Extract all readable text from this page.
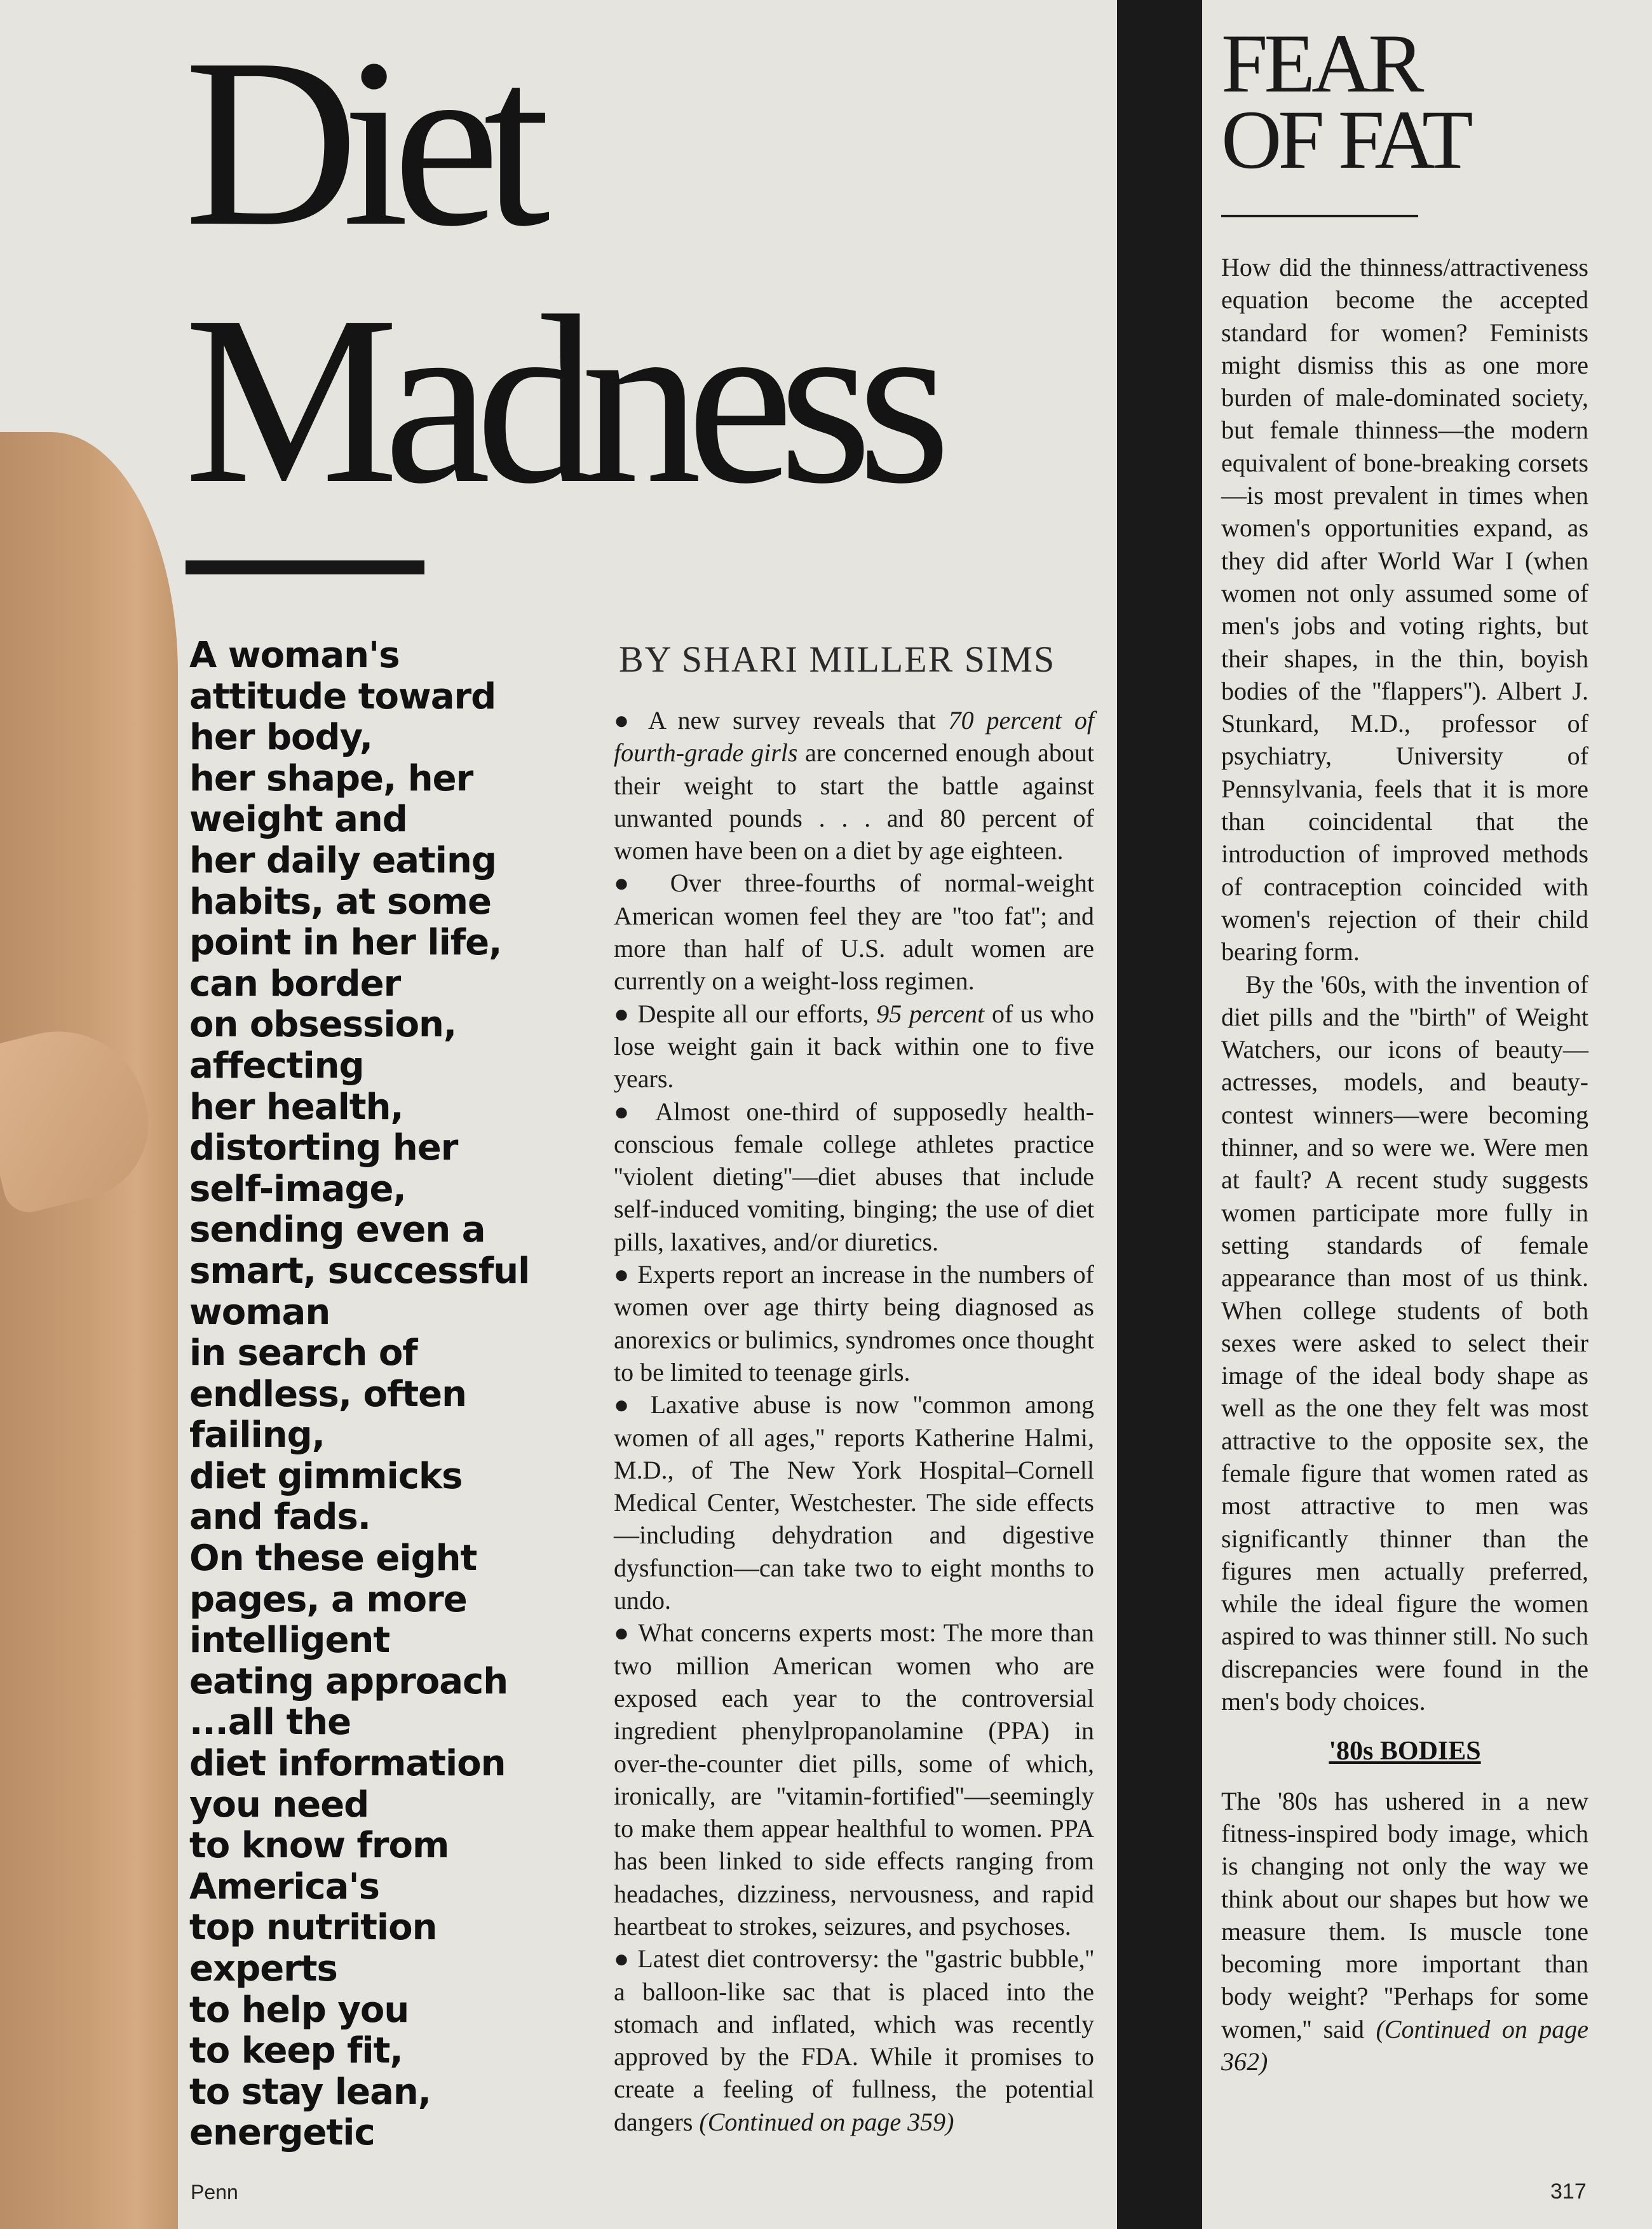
Diet
Madness

A woman's
attitude toward
her body,
her shape, her
weight and
her daily eating
habits, at some
point in her life,
can border
on obsession,
affecting
her health,
distorting her
self-image,
sending even a
smart, successful
woman
in search of
endless, often
failing,
diet gimmicks
and fads.
On these eight
pages, a more
intelligent
eating approach
...all the
diet information
you need
to know from
America's
top nutrition
experts
to help you
to keep fit,
to stay lean,
energetic

BY SHARI MILLER SIMS

● A new survey reveals that 70 percent of fourth-grade girls are concerned enough about their weight to start the battle against unwanted pounds . . . and 80 percent of women have been on a diet by age eighteen.

● Over three-fourths of normal-weight American women feel they are ''too fat''; and more than half of U.S. adult women are currently on a weight-loss regimen.

● Despite all our efforts, 95 percent of us who lose weight gain it back within one to five years.

● Almost one-third of supposedly health-conscious female college athletes practice ''violent dieting''—diet abuses that include self-induced vomiting, binging; the use of diet pills, laxatives, and/or diuretics.

● Experts report an increase in the numbers of women over age thirty being diagnosed as anorexics or bulimics, syndromes once thought to be limited to teenage girls.

● Laxative abuse is now ''common among women of all ages,'' reports Katherine Halmi, M.D., of The New York Hospital–Cornell Medical Center, Westchester. The side effects—including dehydration and digestive dysfunction—can take two to eight months to undo.

● What concerns experts most: The more than two million American women who are exposed each year to the controversial ingredient phenylpropanolamine (PPA) in over-the-counter diet pills, some of which, ironically, are ''vitamin-fortified''—seemingly to make them appear healthful to women. PPA has been linked to side effects ranging from headaches, dizziness, nervousness, and rapid heartbeat to strokes, seizures, and psychoses.

● Latest diet controversy: the ''gastric bubble,'' a balloon-like sac that is placed into the stomach and inflated, which was recently approved by the FDA. While it promises to create a feeling of fullness, the potential dangers (Continued on page 359)

FEAR
OF FAT

How did the thinness/attractiveness equation become the accepted standard for women? Feminists might dismiss this as one more burden of male-dominated society, but female thinness—the modern equivalent of bone-breaking corsets—is most prevalent in times when women's opportunities expand, as they did after World War I (when women not only assumed some of men's jobs and voting rights, but their shapes, in the thin, boyish bodies of the ''flappers''). Albert J. Stunkard, M.D., professor of psychiatry, University of Pennsylvania, feels that it is more than coincidental that the introduction of improved methods of contraception coincided with women's rejection of their child bearing form.

By the '60s, with the invention of diet pills and the ''birth'' of Weight Watchers, our icons of beauty—actresses, models, and beauty-contest winners—were becoming thinner, and so were we. Were men at fault? A recent study suggests women participate more fully in setting standards of female appearance than most of us think. When college students of both sexes were asked to select their image of the ideal body shape as well as the one they felt was most attractive to the opposite sex, the female figure that women rated as most attractive to men was significantly thinner than the figures men actually preferred, while the ideal figure the women aspired to was thinner still. No such discrepancies were found in the men's body choices.

'80s BODIES

The '80s has ushered in a new fitness-inspired body image, which is changing not only the way we think about our shapes but how we measure them. Is muscle tone becoming more important than body weight? ''Perhaps for some women,'' said (Continued on page 362)

Penn	317
